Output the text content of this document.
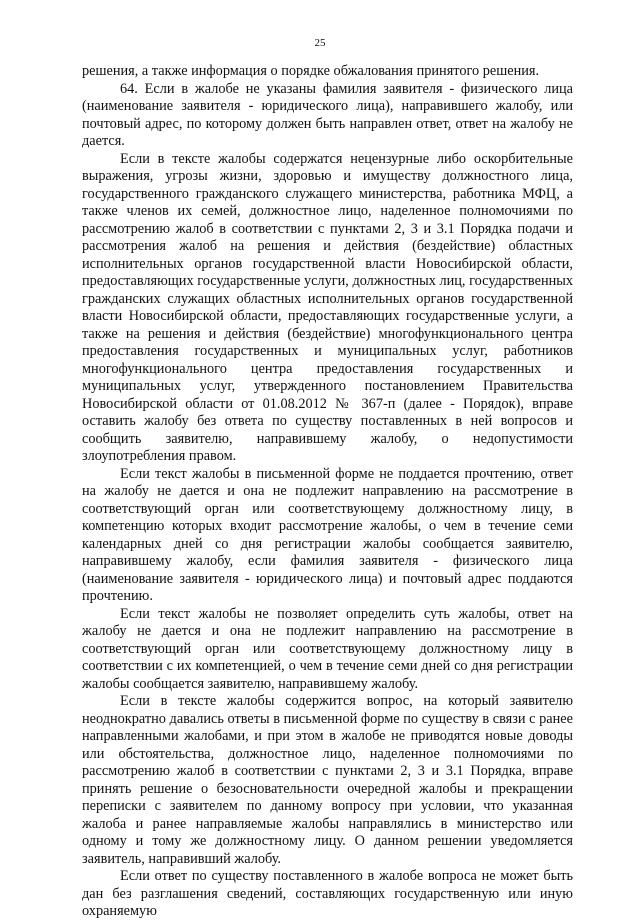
25

решения, а также информация о порядке обжалования принятого решения.

64. Если в жалобе не указаны фамилия заявителя - физического лица (наименование заявителя - юридического лица), направившего жалобу, или почтовый адрес, по которому должен быть направлен ответ, ответ на жалобу не дается.

Если в тексте жалобы содержатся нецензурные либо оскорбительные выражения, угрозы жизни, здоровью и имуществу должностного лица, государственного гражданского служащего министерства, работника МФЦ, а также членов их семей, должностное лицо, наделенное полномочиями по рассмотрению жалоб в соответствии с пунктами 2, 3 и 3.1 Порядка подачи и рассмотрения жалоб на решения и действия (бездействие) областных исполнительных органов государственной власти Новосибирской области, предоставляющих государственные услуги, должностных лиц, государственных гражданских служащих областных исполнительных органов государственной власти Новосибирской области, предоставляющих государственные услуги, а также на решения и действия (бездействие) многофункционального центра предоставления государственных и муниципальных услуг, работников многофункционального центра предоставления государственных и муниципальных услуг, утвержденного постановлением Правительства Новосибирской области от 01.08.2012 № 367-п (далее - Порядок), вправе оставить жалобу без ответа по существу поставленных в ней вопросов и сообщить заявителю, направившему жалобу, о недопустимости злоупотребления правом.

Если текст жалобы в письменной форме не поддается прочтению, ответ на жалобу не дается и она не подлежит направлению на рассмотрение в соответствующий орган или соответствующему должностному лицу, в компетенцию которых входит рассмотрение жалобы, о чем в течение семи календарных дней со дня регистрации жалобы сообщается заявителю, направившему жалобу, если фамилия заявителя - физического лица (наименование заявителя - юридического лица) и почтовый адрес поддаются прочтению.

Если текст жалобы не позволяет определить суть жалобы, ответ на жалобу не дается и она не подлежит направлению на рассмотрение в соответствующий орган или соответствующему должностному лицу в соответствии с их компетенцией, о чем в течение семи дней со дня регистрации жалобы сообщается заявителю, направившему жалобу.

Если в тексте жалобы содержится вопрос, на который заявителю неоднократно давались ответы в письменной форме по существу в связи с ранее направленными жалобами, и при этом в жалобе не приводятся новые доводы или обстоятельства, должностное лицо, наделенное полномочиями по рассмотрению жалоб в соответствии с пунктами 2, 3 и 3.1 Порядка, вправе принять решение о безосновательности очередной жалобы и прекращении переписки с заявителем по данному вопросу при условии, что указанная жалоба и ранее направляемые жалобы направлялись в министерство или одному и тому же должностному лицу. О данном решении уведомляется заявитель, направивший жалобу.

Если ответ по существу поставленного в жалобе вопроса не может быть дан без разглашения сведений, составляющих государственную или иную охраняемую
